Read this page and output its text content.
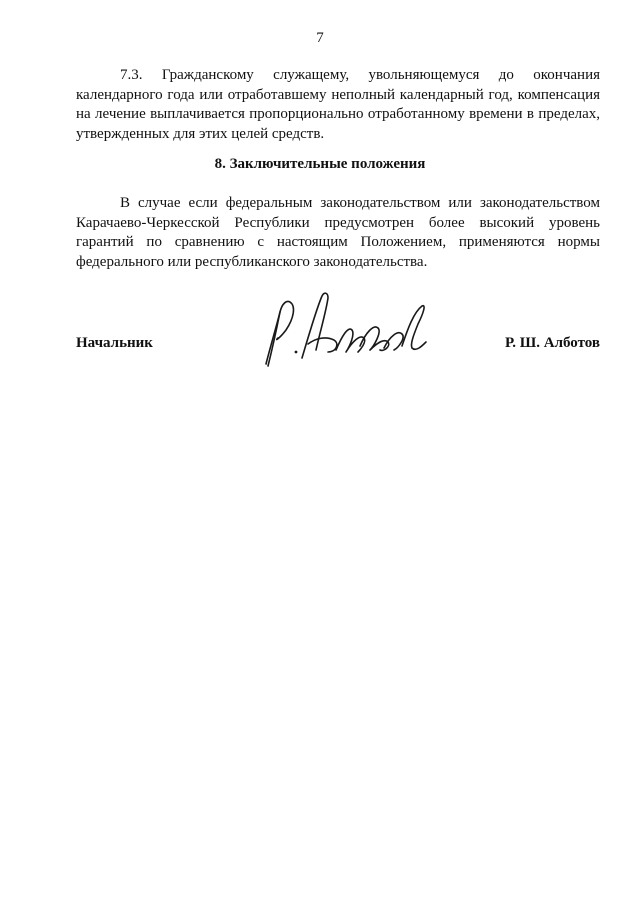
7

7.3. Гражданскому служащему, увольняющемуся до окончания календарного года или отработавшему неполный календарный год, компенсация на лечение выплачивается пропорционально отработанному времени в пределах, утвержденных для этих целей средств.

8. Заключительные положения

В случае если федеральным законодательством или законодательством Карачаево-Черкесской Республики предусмотрен более высокий уровень гарантий по сравнению с настоящим Положением, применяются нормы федерального или республиканского законодательства.

Начальник	Р. Ш. Алботов
